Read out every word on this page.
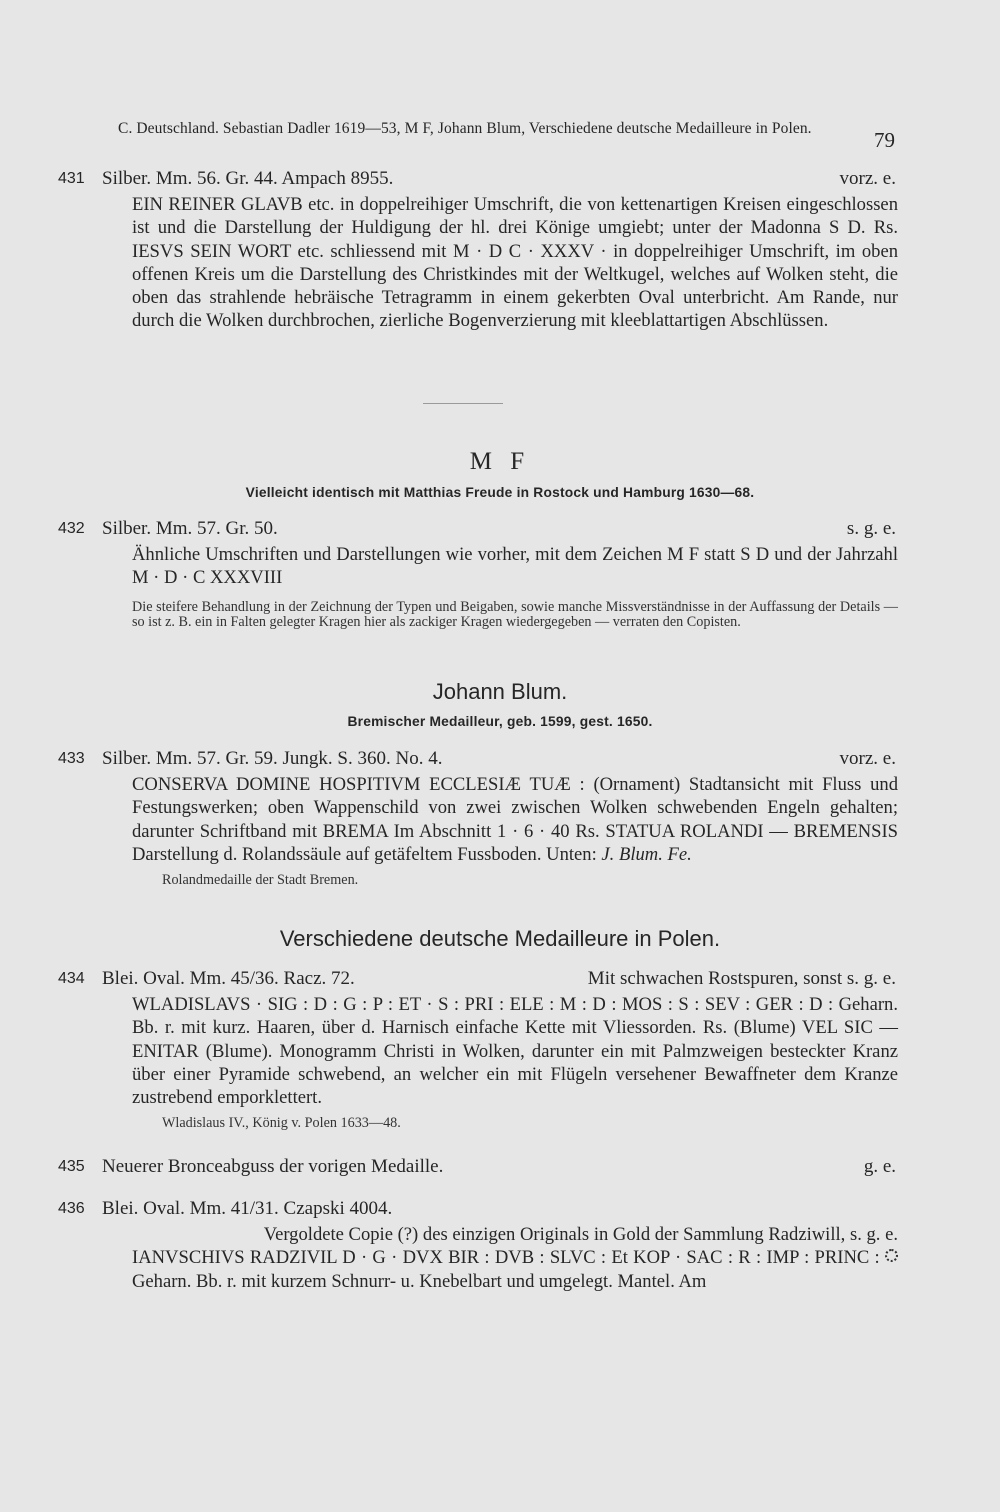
C. Deutschland. Sebastian Dadler 1619—53, M F, Johann Blum, Verschiedene deutsche Medailleure in Polen.	79
431 Silber. Mm. 56. Gr. 44. Ampach 8955.	vorz. e.

EIN REINER GLAVB etc. in doppelreihiger Umschrift, die von kettenartigen Kreisen eingeschlossen ist und die Darstellung der Huldigung der hl. drei Könige umgiebt; unter der Madonna S D. Rs. IESVS SEIN WORT etc. schliessend mit M · D C · XXXV · in doppelreihiger Umschrift, im oben offenen Kreis um die Darstellung des Christkindes mit der Weltkugel, welches auf Wolken steht, die oben das strahlende hebräische Tetragramm in einem gekerbten Oval unterbricht. Am Rande, nur durch die Wolken durchbrochen, zierliche Bogenverzierung mit kleeblattartigen Abschlüssen.

M F
Vielleicht identisch mit Matthias Freude in Rostock und Hamburg 1630—68.
432 Silber. Mm. 57. Gr. 50.	s. g. e.

Ähnliche Umschriften und Darstellungen wie vorher, mit dem Zeichen M F statt S D und der Jahrzahl M · D · C XXXVIII

Die steifere Behandlung in der Zeichnung der Typen und Beigaben, sowie manche Missverständnisse in der Auffassung der Details — so ist z. B. ein in Falten gelegter Kragen hier als zackiger Kragen wiedergegeben — verraten den Copisten.

Johann Blum.
Bremischer Medailleur, geb. 1599, gest. 1650.
433 Silber. Mm. 57. Gr. 59. Jungk. S. 360. No. 4.	vorz. e.

CONSERVA DOMINE HOSPITIVM ECCLESIÆ TUÆ : (Ornament) Stadtansicht mit Fluss und Festungswerken; oben Wappenschild von zwei zwischen Wolken schwebenden Engeln gehalten; darunter Schriftband mit BREMA Im Abschnitt 1 · 6 · 40 Rs. STATUA ROLANDI — BREMENSIS Darstellung d. Rolandssäule auf getäfeltem Fussboden. Unten: J. Blum. Fe.

Rolandmedaille der Stadt Bremen.
Verschiedene deutsche Medailleure in Polen.
434 Blei. Oval. Mm. 45/36. Racz. 72.	Mit schwachen Rostspuren, sonst s. g. e.

WLADISLAVS · SIG : D : G : P : ET · S : PRI : ELE : M : D : MOS : S : SEV : GER : D : Geharn. Bb. r. mit kurz. Haaren, über d. Harnisch einfache Kette mit Vliessorden. Rs. (Blume) VEL SIC — ENITAR (Blume). Monogramm Christi in Wolken, darunter ein mit Palmzweigen besteckter Kranz über einer Pyramide schwebend, an welcher ein mit Flügeln versehener Bewaffneter dem Kranze zustrebend emporklettert.

Wladislaus IV., König v. Polen 1633—48.
435 Neuerer Bronceabguss der vorigen Medaille.	g. e.
436 Blei. Oval. Mm. 41/31. Czapski 4004.
Vergoldete Copie (?) des einzigen Originals in Gold der Sammlung Radziwill, s. g. e.

IANVSCHIVS RADZIVIL D · G · DVX BIR : DVB : SLVC : Et KOP · SAC : R : IMP : PRINC :  Geharn. Bb. r. mit kurzem Schnurr- u. Knebelbart und umgelegt. Mantel. Am
